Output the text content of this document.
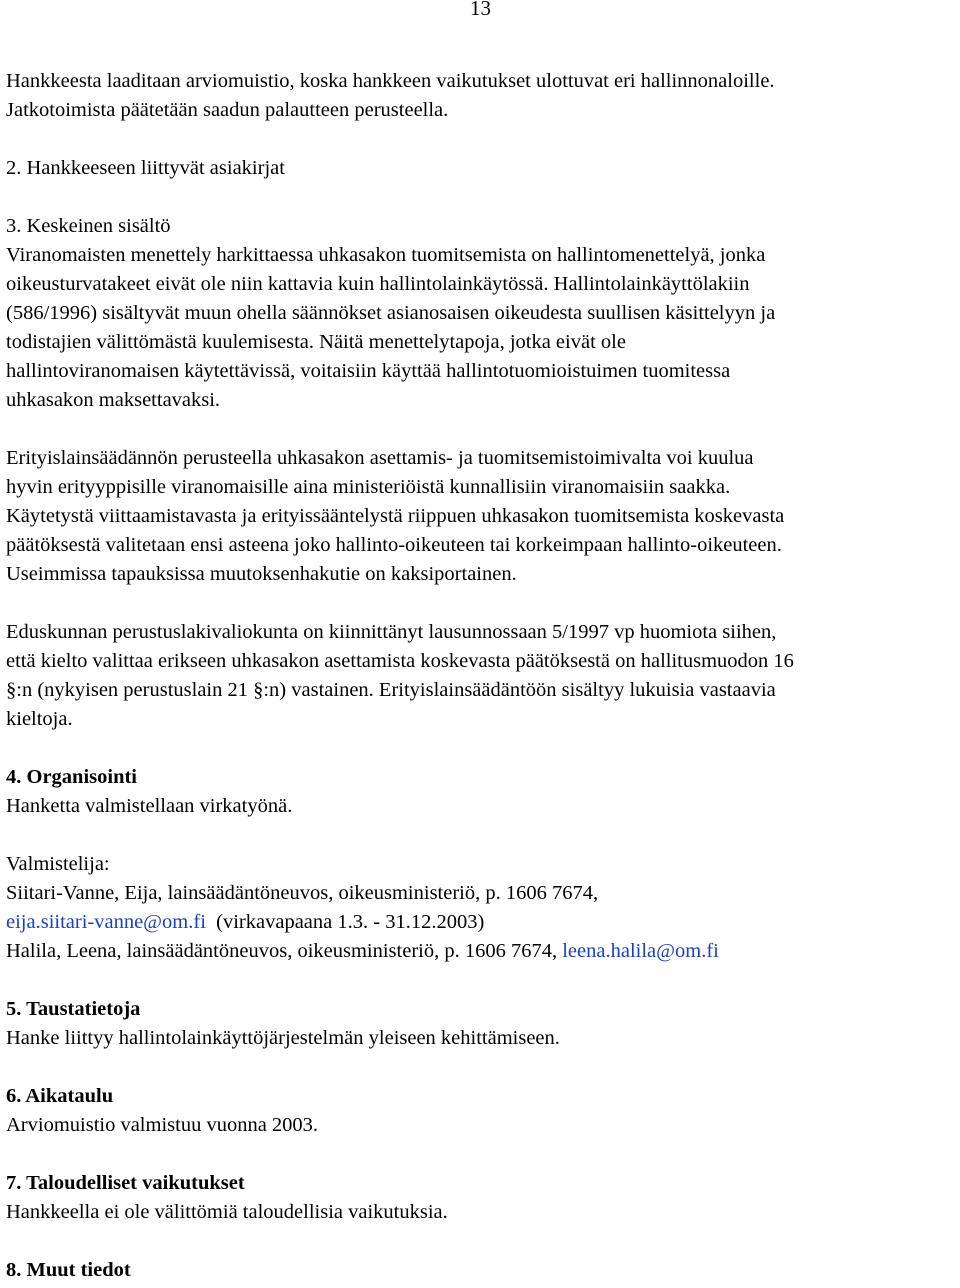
13

Hankkeesta laaditaan arviomuistio, koska hankkeen vaikutukset ulottuvat eri hallinnonaloille.
Jatkotoimista päätetään saadun palautteen perusteella.

2. Hankkeeseen liittyvät asiakirjat

3. Keskeinen sisältö
Viranomaisten menettely harkittaessa uhkasakon tuomitsemista on hallintomenettelyä, jonka
oikeusturvatakeet eivät ole niin kattavia kuin hallintolainkäytössä. Hallintolainkäyttölakiin
(586/1996) sisältyvät muun ohella säännökset asianosaisen oikeudesta suullisen käsittelyyn ja
todistajien välittömästä kuulemisesta. Näitä menettelytapoja, jotka eivät ole
hallintoviranomaisen käytettävissä, voitaisiin käyttää hallintotuomioistuimen tuomitessa
uhkasakon maksettavaksi.
Erityislainsäädännön perusteella uhkasakon asettamis- ja tuomitsemistoimivalta voi kuulua
hyvin erityyppisille viranomaisille aina ministeriöistä kunnallisiin viranomaisiin saakka.
Käytetystä viittaamistavasta ja erityissääntelystä riippuen uhkasakon tuomitsemista koskevasta
päätöksestä valitetaan ensi asteena joko hallinto-oikeuteen tai korkeimpaan hallinto-oikeuteen.
Useimmissa tapauksissa muutoksenhakutie on kaksiportainen.
Eduskunnan perustuslakivaliokunta on kiinnittänyt lausunnossaan 5/1997 vp huomiota siihen,
että kielto valittaa erikseen uhkasakon asettamista koskevasta päätöksestä on hallitusmuodon 16
§:n (nykyisen perustuslain 21 §:n) vastainen. Erityislainsäädäntöön sisältyy lukuisia vastaavia
kieltoja.
4. Organisointi
Hanketta valmistellaan virkatyönä.
Valmistelija:
Siitari-Vanne, Eija, lainsäädäntöneuvos, oikeusministeriö, p. 1606 7674,
eija.siitari-vanne@om.fi  (virkavapaana 1.3. - 31.12.2003)
Halila, Leena, lainsäädäntöneuvos, oikeusministeriö, p. 1606 7674, leena.halila@om.fi
5. Taustatietoja
Hanke liittyy hallintolainkäyttöjärjestelmän yleiseen kehittämiseen.
6. Aikataulu
Arviomuistio valmistuu vuonna 2003.
7. Taloudelliset vaikutukset
Hankkeella ei ole välittömiä taloudellisia vaikutuksia.
8. Muut tiedot
